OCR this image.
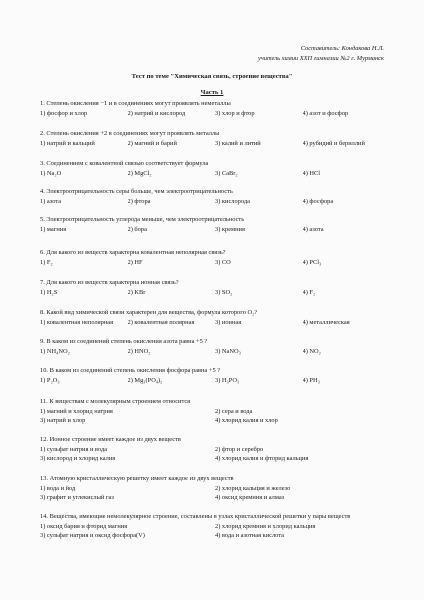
Составитель: Кондакова Н.Л.
учитель химии ХХП гимназии №2 г. Мурманск
Тест по теме "Химическая связь, строение вещества"
Часть 1
1. Степень окисления −1 и в соединениях могут проявлять неметаллы
1) фосфор и хлор	2) натрий и кислород	3) хлор и фтор	4) азот и фосфор
2. Степень окисления +2 в соединениях могут проявлять металлы
1) натрий и кальций	2) магний и барий	3) калий и литий	4) рубидий и бериллий
3. Соединением с ковалентной связью соответствует формула
1) Na₂O	2) MgCl₂	3) CaBr₂	4) HCl
4. Электроотрицательность серы больше, чем электроотрицательность
1) азота	2) фтора	3) кислорода	4) фосфора
5. Электроотрицательность углерода меньше, чем электроотрицательность
1) магния	2) бора	3) кремния	4) азота
6. Для какого из веществ характерна ковалентная неполярная связь?
1) F₂	2) HF	3) CO	4) PCl₃
7. Для какого из веществ характерна ионная связь?
1) H₂S	2) KBr	3) SO₂	4) F₂
8. Какой вид химической связи характерен для вещества, формула которого O₂?
1) ковалентная неполярная	2) ковалентная полярная	3) ионная	4) металлическая
9. В каком из соединений степень окисления азота равна +5 ?
1) NH₄NO₂	2) HNO₂	3) NaNO₃	4) NO₂
10. В каком из соединений степень окисления фосфора равна +5 ?
1) P₂O₃	2) Mg₃(PO₄)₂	3) H₃PO₃	4) PH₃
11. К веществам с молекулярным строением относится
1) магний и хлорид натрия	2) сера и вода
3) натрий и хлор	4) хлорид калия и хлор
12. Ионное строение имеет каждое из двух веществ
1) сульфат натрия и вода	2) фтор и серебро
3) кислород и хлорид калия	4) хлорид калия и фторид кальция
13. Атомную кристаллическую решетку имеет каждое из двух веществ
1) вода и йод	2) хлорид кальция и железо
3) графит и углекислый газ	4) оксид кремния и алмаз
14. Вещества, имеющие немолекулярное строение, составлены в узлах кристаллической решетки у пары веществ
1) оксид бария и фторид магния	2) хлорид кремния и хлорид кальция
3) сульфат натрия и оксид фосфора(V)	4) вода и азотная кислота
